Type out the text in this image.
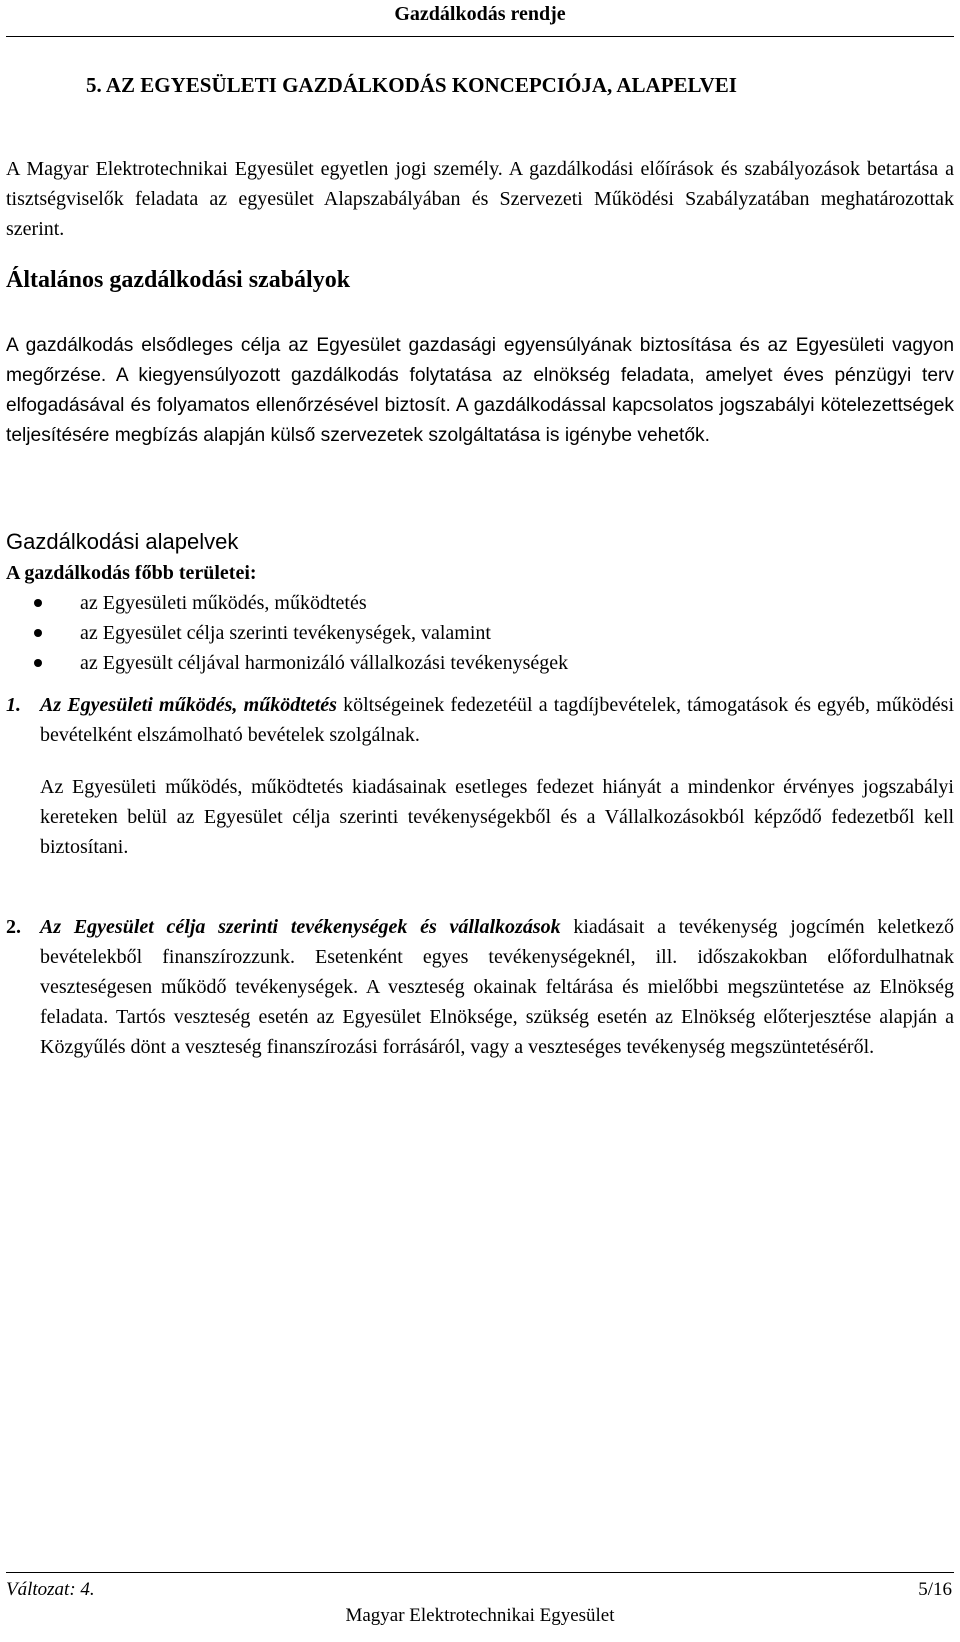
Gazdálkodás rendje
5. AZ EGYESÜLETI GAZDÁLKODÁS KONCEPCIÓJA, ALAPELVEI

A Magyar Elektrotechnikai Egyesület egyetlen jogi személy. A gazdálkodási előírások és szabályozások betartása a tisztségviselők feladata az egyesület Alapszabályában és Szervezeti Működési Szabályzatában meghatározottak szerint.

Általános gazdálkodási szabályok

A gazdálkodás elsődleges célja az Egyesület gazdasági egyensúlyának biztosítása és az Egyesületi vagyon megőrzése. A kiegyensúlyozott gazdálkodás folytatása az elnökség feladata, amelyet éves pénzügyi terv elfogadásával és folyamatos ellenőrzésével biztosít. A gazdálkodással kapcsolatos jogszabályi kötelezettségek teljesítésére megbízás alapján külső szervezetek szolgáltatása is igénybe vehetők.

Gazdálkodási alapelvek
A gazdálkodás főbb területei:
az Egyesületi működés, működtetés
az Egyesület célja szerinti tevékenységek, valamint
az Egyesült céljával harmonizáló vállalkozási tevékenységek
1. Az Egyesületi működés, működtetés költségeinek fedezetéül a tagdíjbevételek, támogatások és egyéb, működési bevételként elszámolható bevételek szolgálnak.

Az Egyesületi működés, működtetés kiadásainak esetleges fedezet hiányát a mindenkor érvényes jogszabályi kereteken belül az Egyesület célja szerinti tevékenységekből és a Vállalkozásokból képződő fedezetből kell biztosítani.

2. Az Egyesület célja szerinti tevékenységek és vállalkozások kiadásait a tevékenység jogcímén keletkező bevételekből finanszírozzunk. Esetenként egyes tevékenységeknél, ill. időszakokban előfordulhatnak veszteségesen működő tevékenységek. A veszteség okainak feltárása és mielőbbi megszüntetése az Elnökség feladata. Tartós veszteség esetén az Egyesület Elnöksége, szükség esetén az Elnökség előterjesztése alapján a Közgyűlés dönt a veszteség finanszírozási forrásáról, vagy a veszteséges tevékenység megszüntetéséről.

Változat: 4.	5/16
Magyar Elektrotechnikai Egyesület
